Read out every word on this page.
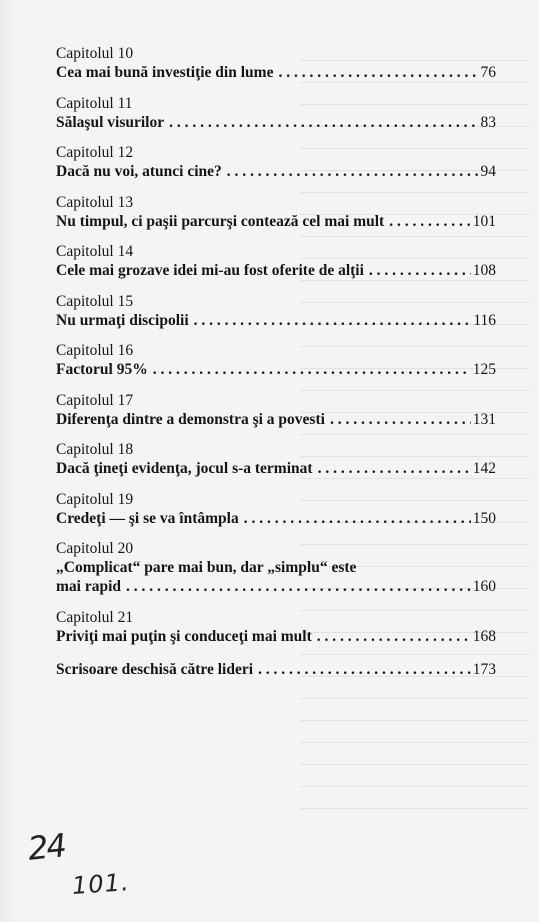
Capitolul 10
Cea mai bună investiţie din lume . . .	76
Capitolul 11
Sălaşul visurilor . . .	83
Capitolul 12
Dacă nu voi, atunci cine? . . .	94
Capitolul 13
Nu timpul, ci paşii parcurşi contează cel mai mult . . .	101
Capitolul 14
Cele mai grozave idei mi-au fost oferite de alţii . . .	108
Capitolul 15
Nu urmaţi discipolii . . .	116
Capitolul 16
Factorul 95% . . .	125
Capitolul 17
Diferenţa dintre a demonstra şi a povesti . . .	131
Capitolul 18
Dacă ţineţi evidenţa, jocul s-a terminat . . .	142
Capitolul 19
Credeţi — şi se va întâmpla . . .	150
Capitolul 20
„Complicat“ pare mai bun, dar „simplu“ este
mai rapid . . .	160
Capitolul 21
Priviţi mai puţin şi conduceţi mai mult . . .	168
Scrisoare deschisă către lideri . . .	173
24
101.
